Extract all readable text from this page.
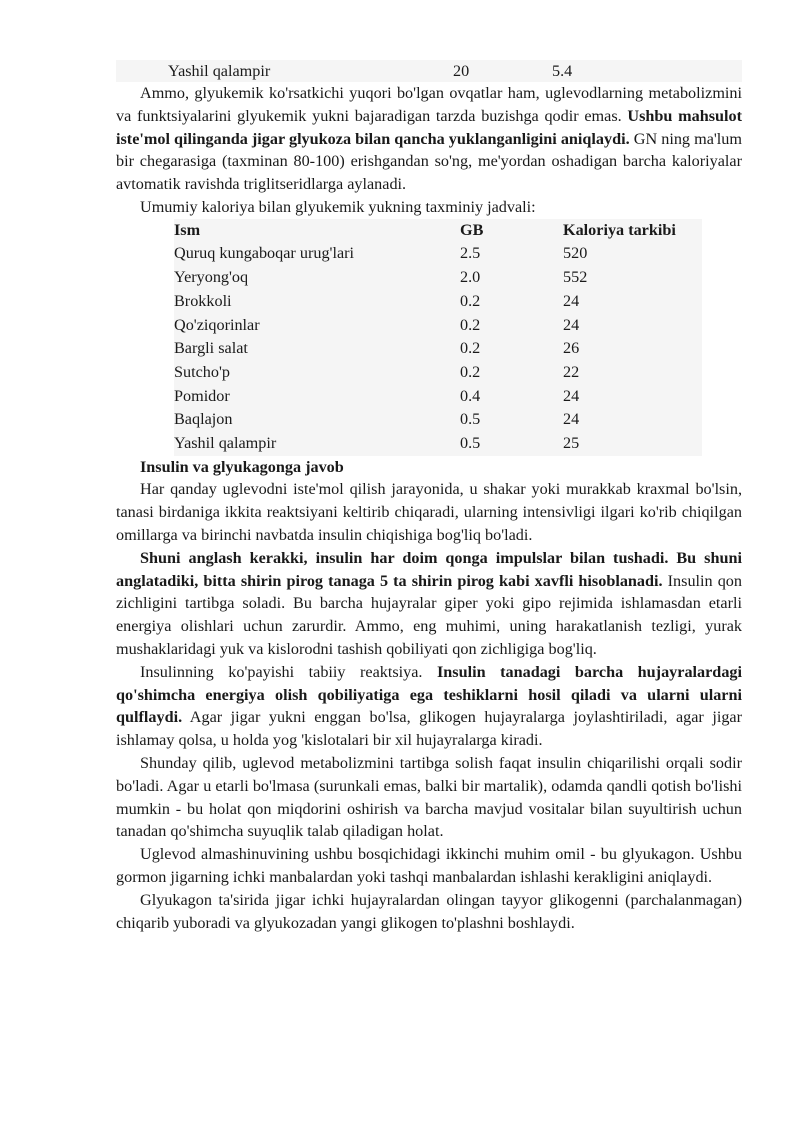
Yashil qalampir	20	5.4

Ammo, glyukemik ko'rsatkichi yuqori bo'lgan ovqatlar ham, uglevodlarning metabolizmini va funktsiyalarini glyukemik yukni bajaradigan tarzda buzishga qodir emas. Ushbu mahsulot iste'mol qilinganda jigar glyukoza bilan qancha yuklanganligini aniqlaydi. GN ning ma'lum bir chegarasiga (taxminan 80-100) erishgandan so'ng, me'yordan oshadigan barcha kaloriyalar avtomatik ravishda triglitseridlarga aylanadi.

Umumiy kaloriya bilan glyukemik yukning taxminiy jadvali:

Ism	GB	Kaloriya tarkibi
Quruq kungaboqar urug'lari	2.5	520
Yeryong'oq	2.0	552
Brokkoli	0.2	24
Qo'ziqorinlar	0.2	24
Bargli salat	0.2	26
Sutcho'p	0.2	22
Pomidor	0.4	24
Baqlajon	0.5	24
Yashil qalampir	0.5	25
Insulin va glyukagonga javob

Har qanday uglevodni iste'mol qilish jarayonida, u shakar yoki murakkab kraxmal bo'lsin, tanasi birdaniga ikkita reaktsiyani keltirib chiqaradi, ularning intensivligi ilgari ko'rib chiqilgan omillarga va birinchi navbatda insulin chiqishiga bog'liq bo'ladi.

Shuni anglash kerakki, insulin har doim qonga impulslar bilan tushadi. Bu shuni anglatadiki, bitta shirin pirog tanaga 5 ta shirin pirog kabi xavfli hisoblanadi. Insulin qon zichligini tartibga soladi. Bu barcha hujayralar giper yoki gipo rejimida ishlamasdan etarli energiya olishlari uchun zarurdir. Ammo, eng muhimi, uning harakatlanish tezligi, yurak mushaklaridagi yuk va kislorodni tashish qobiliyati qon zichligiga bog'liq.

Insulinning ko'payishi tabiiy reaktsiya. Insulin tanadagi barcha hujayralardagi qo'shimcha energiya olish qobiliyatiga ega teshiklarni hosil qiladi va ularni ularni qulflaydi. Agar jigar yukni enggan bo'lsa, glikogen hujayralarga joylashtiriladi, agar jigar ishlamay qolsa, u holda yog 'kislotalari bir xil hujayralarga kiradi.

Shunday qilib, uglevod metabolizmini tartibga solish faqat insulin chiqarilishi orqali sodir bo'ladi. Agar u etarli bo'lmasa (surunkali emas, balki bir martalik), odamda qandli qotish bo'lishi mumkin - bu holat qon miqdorini oshirish va barcha mavjud vositalar bilan suyultirish uchun tanadan qo'shimcha suyuqlik talab qiladigan holat.

Uglevod almashinuvining ushbu bosqichidagi ikkinchi muhim omil - bu glyukagon. Ushbu gormon jigarning ichki manbalardan yoki tashqi manbalardan ishlashi kerakligini aniqlaydi.

Glyukagon ta'sirida jigar ichki hujayralardan olingan tayyor glikogenni (parchalanmagan) chiqarib yuboradi va glyukozadan yangi glikogen to'plashni boshlaydi.
